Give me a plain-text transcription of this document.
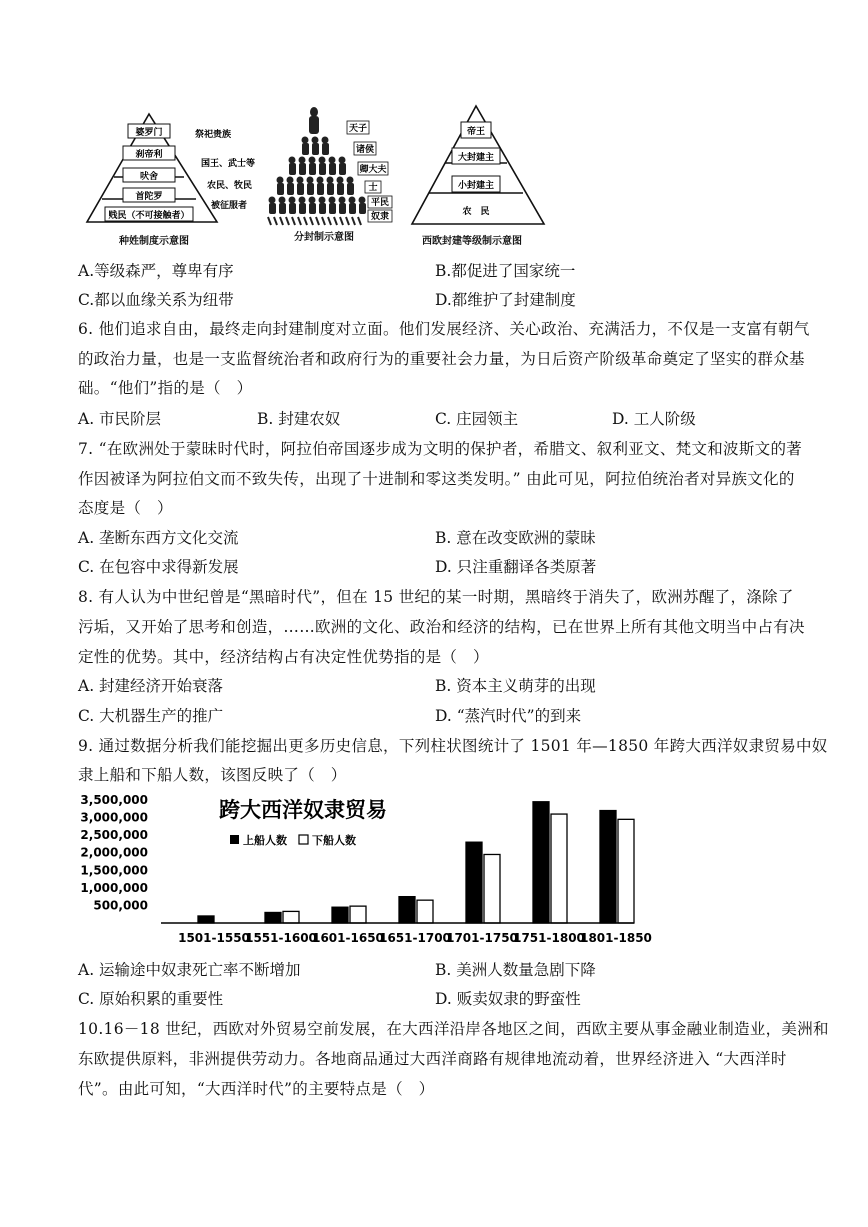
婆罗门
刹帝利
吠舍
首陀罗
贱民（不可接触者）
祭祀贵族
国王、武士等
农民、牧民
被征服者
种姓制度示意图
天子
诸侯
卿大夫
士
平民
奴隶
分封制示意图
帝王
大封建主
小封建主
农　民
西欧封建等级制示意图
A.等级森严，尊卑有序	B.都促进了国家统一
C.都以血缘关系为纽带	D.都维护了封建制度
6. 他们追求自由，最终走向封建制度对立面。他们发展经济、关心政治、充满活力，不仅是一支富有朝气
的政治力量，也是一支监督统治者和政府行为的重要社会力量，为日后资产阶级革命奠定了坚实的群众基
础。“他们”指的是（　）
A. 市民阶层	B. 封建农奴	C. 庄园领主	D. 工人阶级
7. “在欧洲处于蒙昧时代时，阿拉伯帝国逐步成为文明的保护者，希腊文、叙利亚文、梵文和波斯文的著
作因被译为阿拉伯文而不致失传，出现了十进制和零这类发明。” 由此可见，阿拉伯统治者对异族文化的
态度是（　）
A. 垄断东西方文化交流	B. 意在改变欧洲的蒙昧
C. 在包容中求得新发展	D. 只注重翻译各类原著
8. 有人认为中世纪曾是“黑暗时代”，但在 15 世纪的某一时期，黑暗终于消失了，欧洲苏醒了，涤除了
污垢，又开始了思考和创造，……欧洲的文化、政治和经济的结构，已在世界上所有其他文明当中占有决
定性的优势。其中，经济结构占有决定性优势指的是（　）
A. 封建经济开始衰落	B. 资本主义萌芽的出现
C. 大机器生产的推广	D. “蒸汽时代”的到来
9. 通过数据分析我们能挖掘出更多历史信息，下列柱状图统计了 1501 年—1850 年跨大西洋奴隶贸易中奴
隶上船和下船人数，该图反映了（　）
跨大西洋奴隶贸易
上船人数 下船人数
500,000
1,000,000
1,500,000
2,000,000
2,500,000
3,000,000
3,500,000
1501-1550
1551-1600
1601-1650
1651-1700
1701-1750
1751-1800
1801-1850
A. 运输途中奴隶死亡率不断增加	B. 美洲人数量急剧下降
C. 原始积累的重要性	D. 贩卖奴隶的野蛮性
10.16－18 世纪，西欧对外贸易空前发展，在大西洋沿岸各地区之间，西欧主要从事金融业制造业，美洲和
东欧提供原料，非洲提供劳动力。各地商品通过大西洋商路有规律地流动着，世界经济进入 “大西洋时
代”。由此可知，“大西洋时代”的主要特点是（　）
